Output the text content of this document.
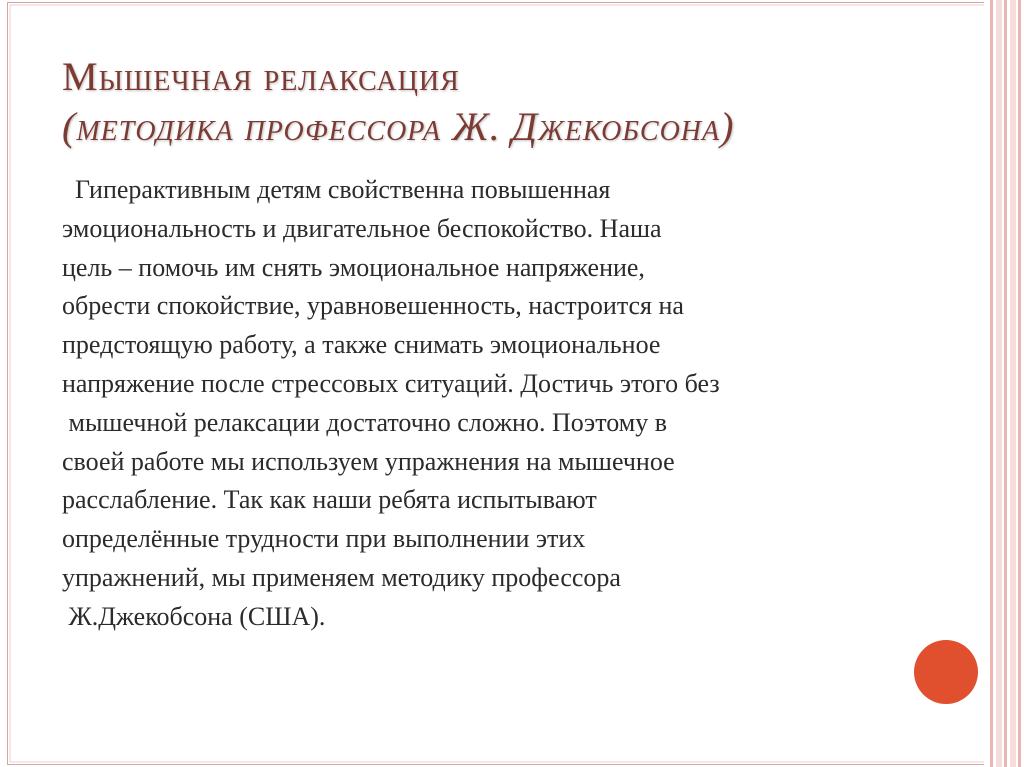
Мышечная релаксация
(методика профессора Ж. Джекобсона)
Гиперактивным детям свойственна повышенная
эмоциональность и двигательное беспокойство. Наша
цель – помочь им снять эмоциональное напряжение,
обрести спокойствие, уравновешенность, настроится на
предстоящую работу, а также снимать эмоциональное
напряжение после стрессовых ситуаций. Достичь этого без
мышечной релаксации достаточно сложно. Поэтому в
своей работе мы используем упражнения на мышечное
расслабление. Так как наши ребята испытывают
определённые трудности при выполнении этих
упражнений, мы применяем методику профессора
Ж.Джекобсона (США).
